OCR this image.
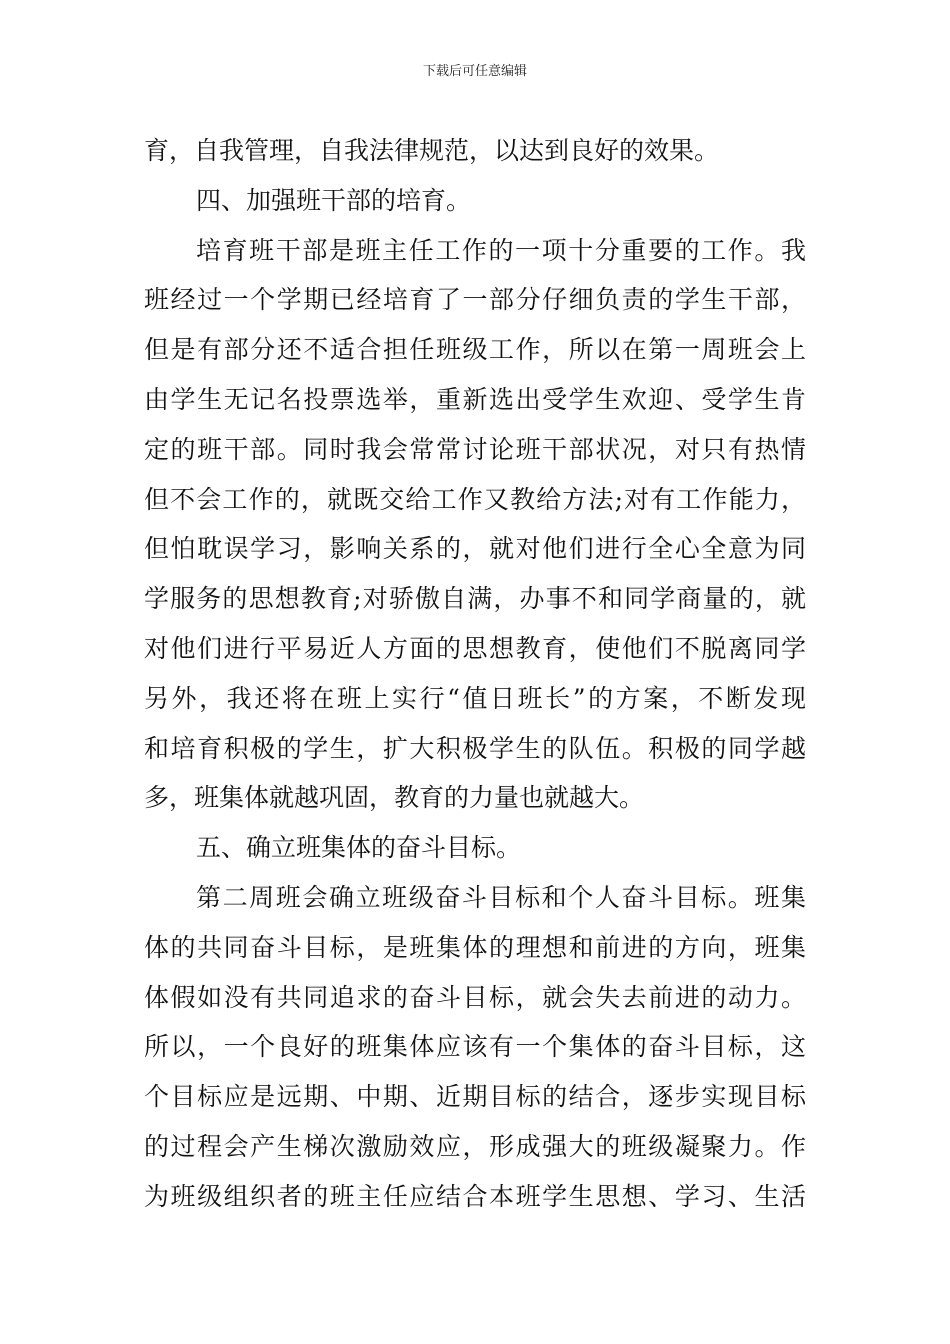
下载后可任意编辑
育，自我管理，自我法律规范，以达到良好的效果。
四、加强班干部的培育。
培育班干部是班主任工作的一项十分重要的工作。我
班经过一个学期已经培育了一部分仔细负责的学生干部，
但是有部分还不适合担任班级工作，所以在第一周班会上
由学生无记名投票选举，重新选出受学生欢迎、受学生肯
定的班干部。同时我会常常讨论班干部状况，对只有热情
但不会工作的，就既交给工作又教给方法;对有工作能力，
但怕耽误学习，影响关系的，就对他们进行全心全意为同
学服务的思想教育;对骄傲自满，办事不和同学商量的，就
对他们进行平易近人方面的思想教育，使他们不脱离同学
另外，我还将在班上实行“值日班长”的方案，不断发现
和培育积极的学生，扩大积极学生的队伍。积极的同学越
多，班集体就越巩固，教育的力量也就越大。
五、确立班集体的奋斗目标。
第二周班会确立班级奋斗目标和个人奋斗目标。班集
体的共同奋斗目标，是班集体的理想和前进的方向，班集
体假如没有共同追求的奋斗目标，就会失去前进的动力。
所以，一个良好的班集体应该有一个集体的奋斗目标，这
个目标应是远期、中期、近期目标的结合，逐步实现目标
的过程会产生梯次激励效应，形成强大的班级凝聚力。作
为班级组织者的班主任应结合本班学生思想、学习、生活
